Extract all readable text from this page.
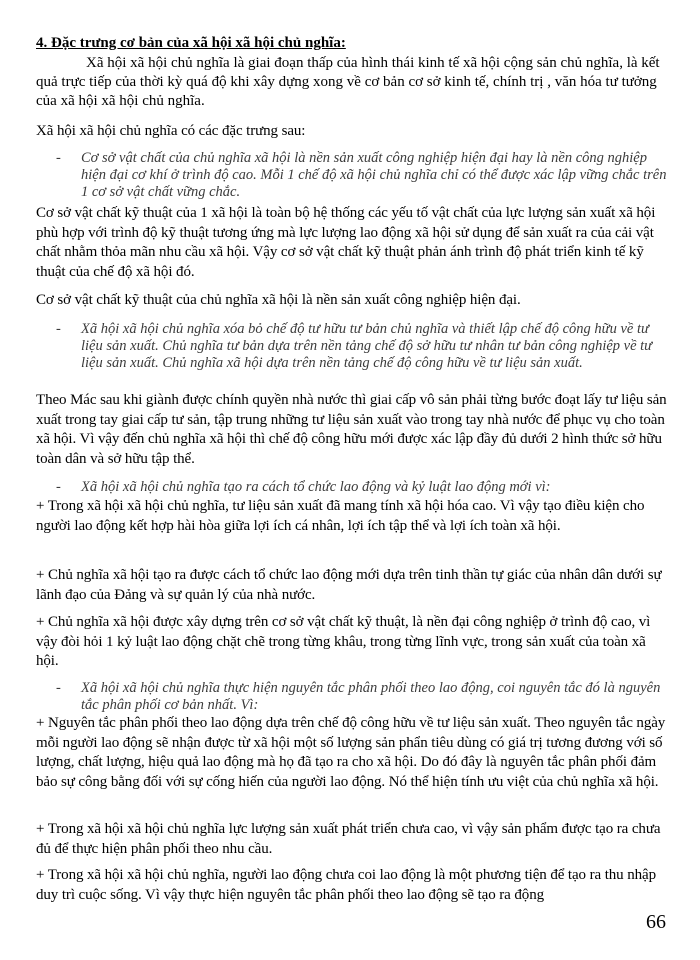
4. Đặc trưng cơ bản của xã hội xã hội chủ nghĩa:

Xã hội xã hội chủ nghĩa là giai đoạn thấp của hình thái kinh tế xã hội cộng sản chủ nghĩa, là kết quả trực tiếp của thời kỳ quá độ khi xây dựng xong về cơ bản cơ sở kinh tế, chính trị , văn hóa tư tưởng của xã hội xã hội chủ nghĩa.

Xã hội xã hội chủ nghĩa có các đặc trưng sau:

-	Cơ sở vật chất của chủ nghĩa xã hội là nền sản xuất công nghiệp hiện đại hay là nền công nghiệp hiện đại cơ khí ở trình độ cao. Mỗi 1 chế độ xã hội chủ nghĩa chỉ có thể được xác lập vững chắc trên 1 cơ sở vật chất vững chắc.

Cơ sở vật chất kỹ thuật của 1 xã hội là toàn bộ hệ thống các yếu tố vật chất của lực lượng sản xuất xã hội phù hợp với trình độ kỹ thuật tương ứng mà lực lượng lao động xã hội sử dụng để sản xuất ra của cải vật chất nhằm thỏa mãn nhu cầu xã hội. Vậy cơ sở vật chất kỹ thuật phản ánh trình độ phát triển kinh tế kỹ thuật của chế độ xã hội đó.

Cơ sở vật chất kỹ thuật của chủ nghĩa xã hội là nền sản xuất công nghiệp hiện đại.

-	Xã hội xã hội chủ nghĩa xóa bỏ chế độ tư hữu tư bản chủ nghĩa và thiết lập chế độ công hữu về tư liệu sản xuất. Chủ nghĩa tư bản dựa trên nền tảng chế độ sở hữu tư nhân tư bản công nghiệp về tư liệu sản xuất. Chủ nghĩa xã hội dựa trên nền tảng chế độ công hữu về tư liệu sản xuất.

Theo Mác sau khi giành được chính quyền nhà nước thì giai cấp vô sản phải từng bước đoạt lấy tư liệu sản xuất trong tay giai cấp tư sản, tập trung những tư liệu sản xuất vào trong tay nhà nước để phục vụ cho toàn xã hội. Vì vậy đến chủ nghĩa xã hội thì chế độ công hữu mới được xác lập đầy đủ dưới 2 hình thức sở hữu toàn dân và sở hữu tập thể.

-	Xã hội xã hội chủ nghĩa tạo ra cách tổ chức lao động và kỷ luật lao động mới vì:

+ Trong xã hội xã hội chủ nghĩa, tư liệu sản xuất đã mang tính xã hội hóa cao. Vì vậy tạo điều kiện cho người lao động kết hợp hài hòa giữa lợi ích cá nhân, lợi ích tập thể và lợi ích toàn xã hội.

+ Chủ nghĩa xã hội tạo ra được cách tổ chức lao động mới dựa trên tinh thần tự giác của nhân dân dưới sự lãnh đạo của Đảng và sự quản lý của nhà nước.

+ Chủ nghĩa xã hội được xây dựng trên cơ sở vật chất kỹ thuật, là nền đại công nghiệp ở trình độ cao, vì vậy đòi hỏi 1 kỷ luật lao động chặt chẽ trong từng khâu, trong từng lĩnh vực, trong sản xuất của toàn xã hội.

-	Xã hội xã hội chủ nghĩa thực hiện nguyên tắc phân phối theo lao động, coi nguyên tắc đó là nguyên tắc phân phối cơ bản nhất. Vì:

+ Nguyên tắc phân phối theo lao động dựa trên chế độ công hữu về tư liệu sản xuất. Theo nguyên tắc ngày mỗi người lao động sẽ nhận được từ xã hội một số lượng sản phẩn tiêu dùng có giá trị tương đương với số lượng, chất lượng, hiệu quả lao động mà họ đã tạo ra cho xã hội. Do đó đây là nguyên tắc phân phối đảm bảo sự công bằng đối với sự cống hiến của người lao động. Nó thể hiện tính ưu việt của chủ nghĩa xã hội.

+ Trong xã hội xã hội chủ nghĩa lực lượng sản xuất phát triển chưa cao, vì vậy sản phẩm được tạo ra chưa đủ để thực hiện phân phối theo nhu cầu.

+ Trong xã hội xã hội chủ nghĩa, người lao động chưa coi lao động là một phương tiện để tạo ra thu nhập duy trì cuộc sống. Vì vậy thực hiện nguyên tắc phân phối theo lao động sẽ tạo ra động

66
